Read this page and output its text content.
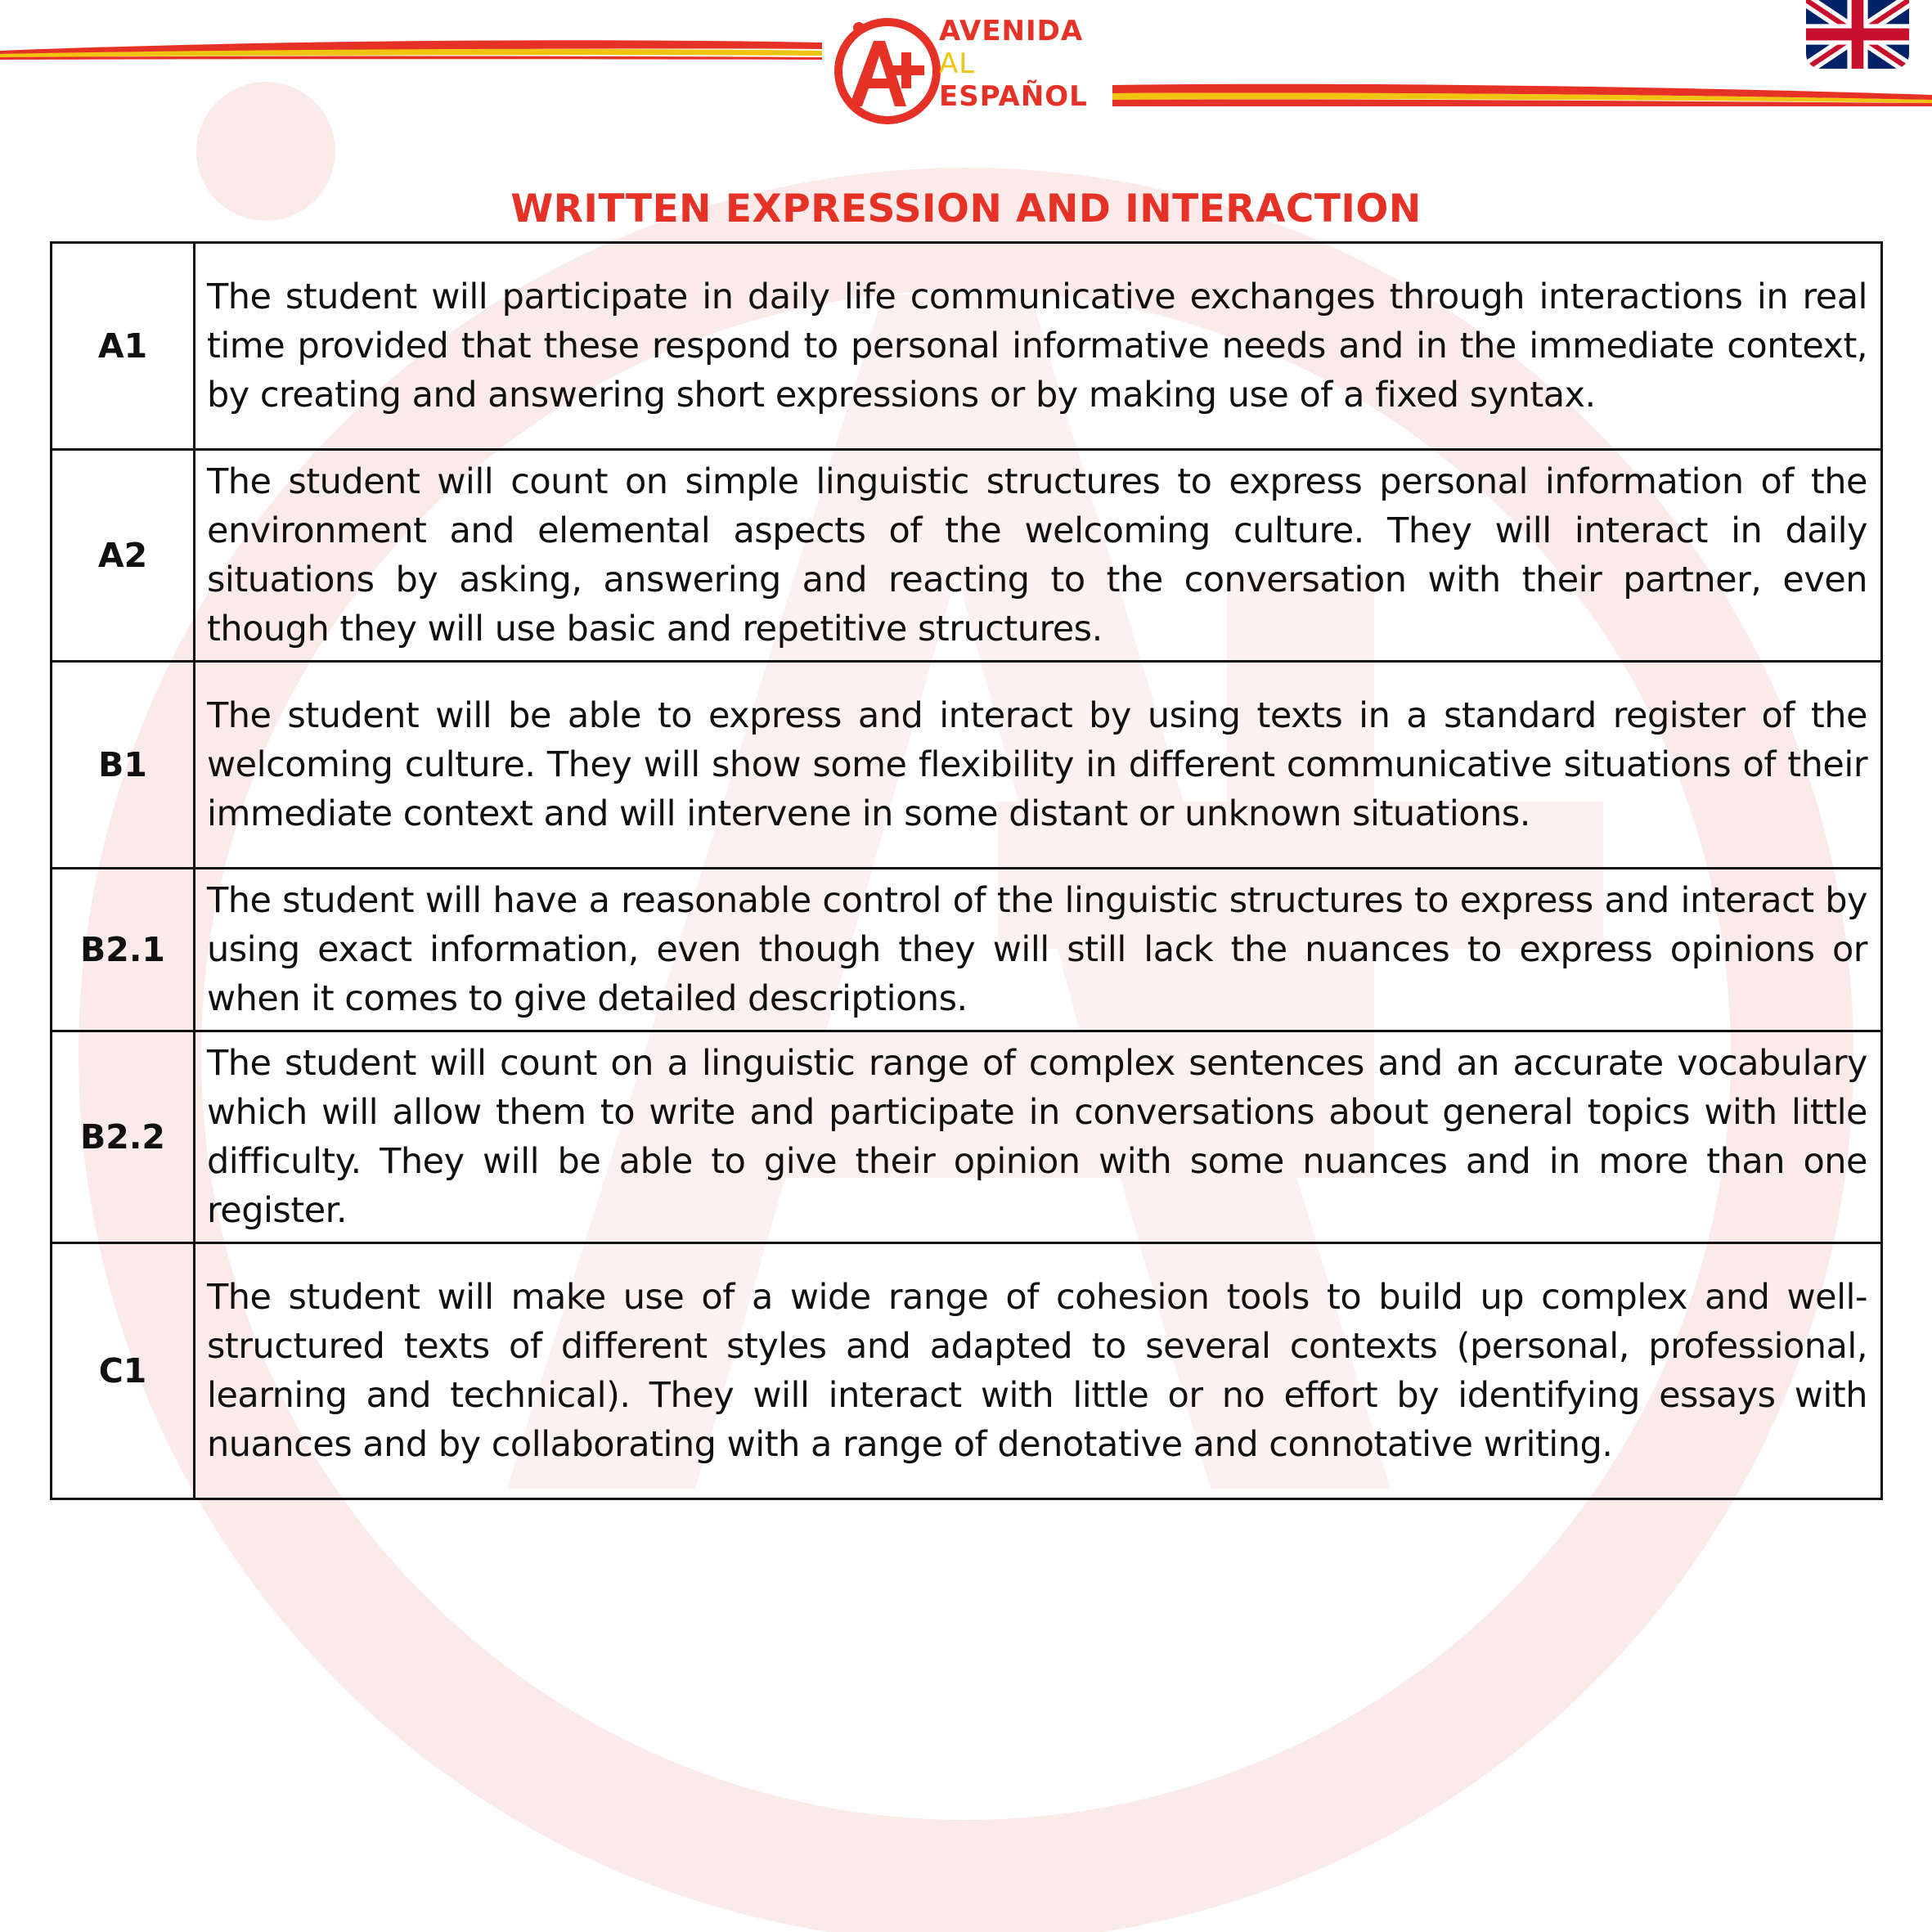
AVENIDA
AL
ESPAÑOL
WRITTEN EXPRESSION AND INTERACTION
A1	The student will participate in daily life communicative exchanges through interactions in real time provided that these respond to personal informative needs and in the immediate context, by creating and answering short expressions or by making use of a fixed syntax.
A2	The student will count on simple linguistic structures to express personal information of the environment and elemental aspects of the welcoming culture. They will interact in daily situations by asking, answering and reacting to the conversation with their partner, even though they will use basic and repetitive structures.
B1	The student will be able to express and interact by using texts in a standard register of the welcoming culture. They will show some flexibility in different communicative situations of their immediate context and will intervene in some distant or unknown situations.
B2.1	The student will have a reasonable control of the linguistic structures to express and interact by using exact information, even though they will still lack the nuances to express opinions or when it comes to give detailed descriptions.
B2.2	The student will count on a linguistic range of complex sentences and an accurate vocabulary which will allow them to write and participate in conversations about general topics with little difficulty. They will be able to give their opinion with some nuances and in more than one register.
C1	The student will make use of a wide range of cohesion tools to build up complex and well-structured texts of different styles and adapted to several contexts (personal, professional, learning and technical). They will interact with little or no effort by identifying essays with nuances and by collaborating with a range of denotative and connotative writing.
